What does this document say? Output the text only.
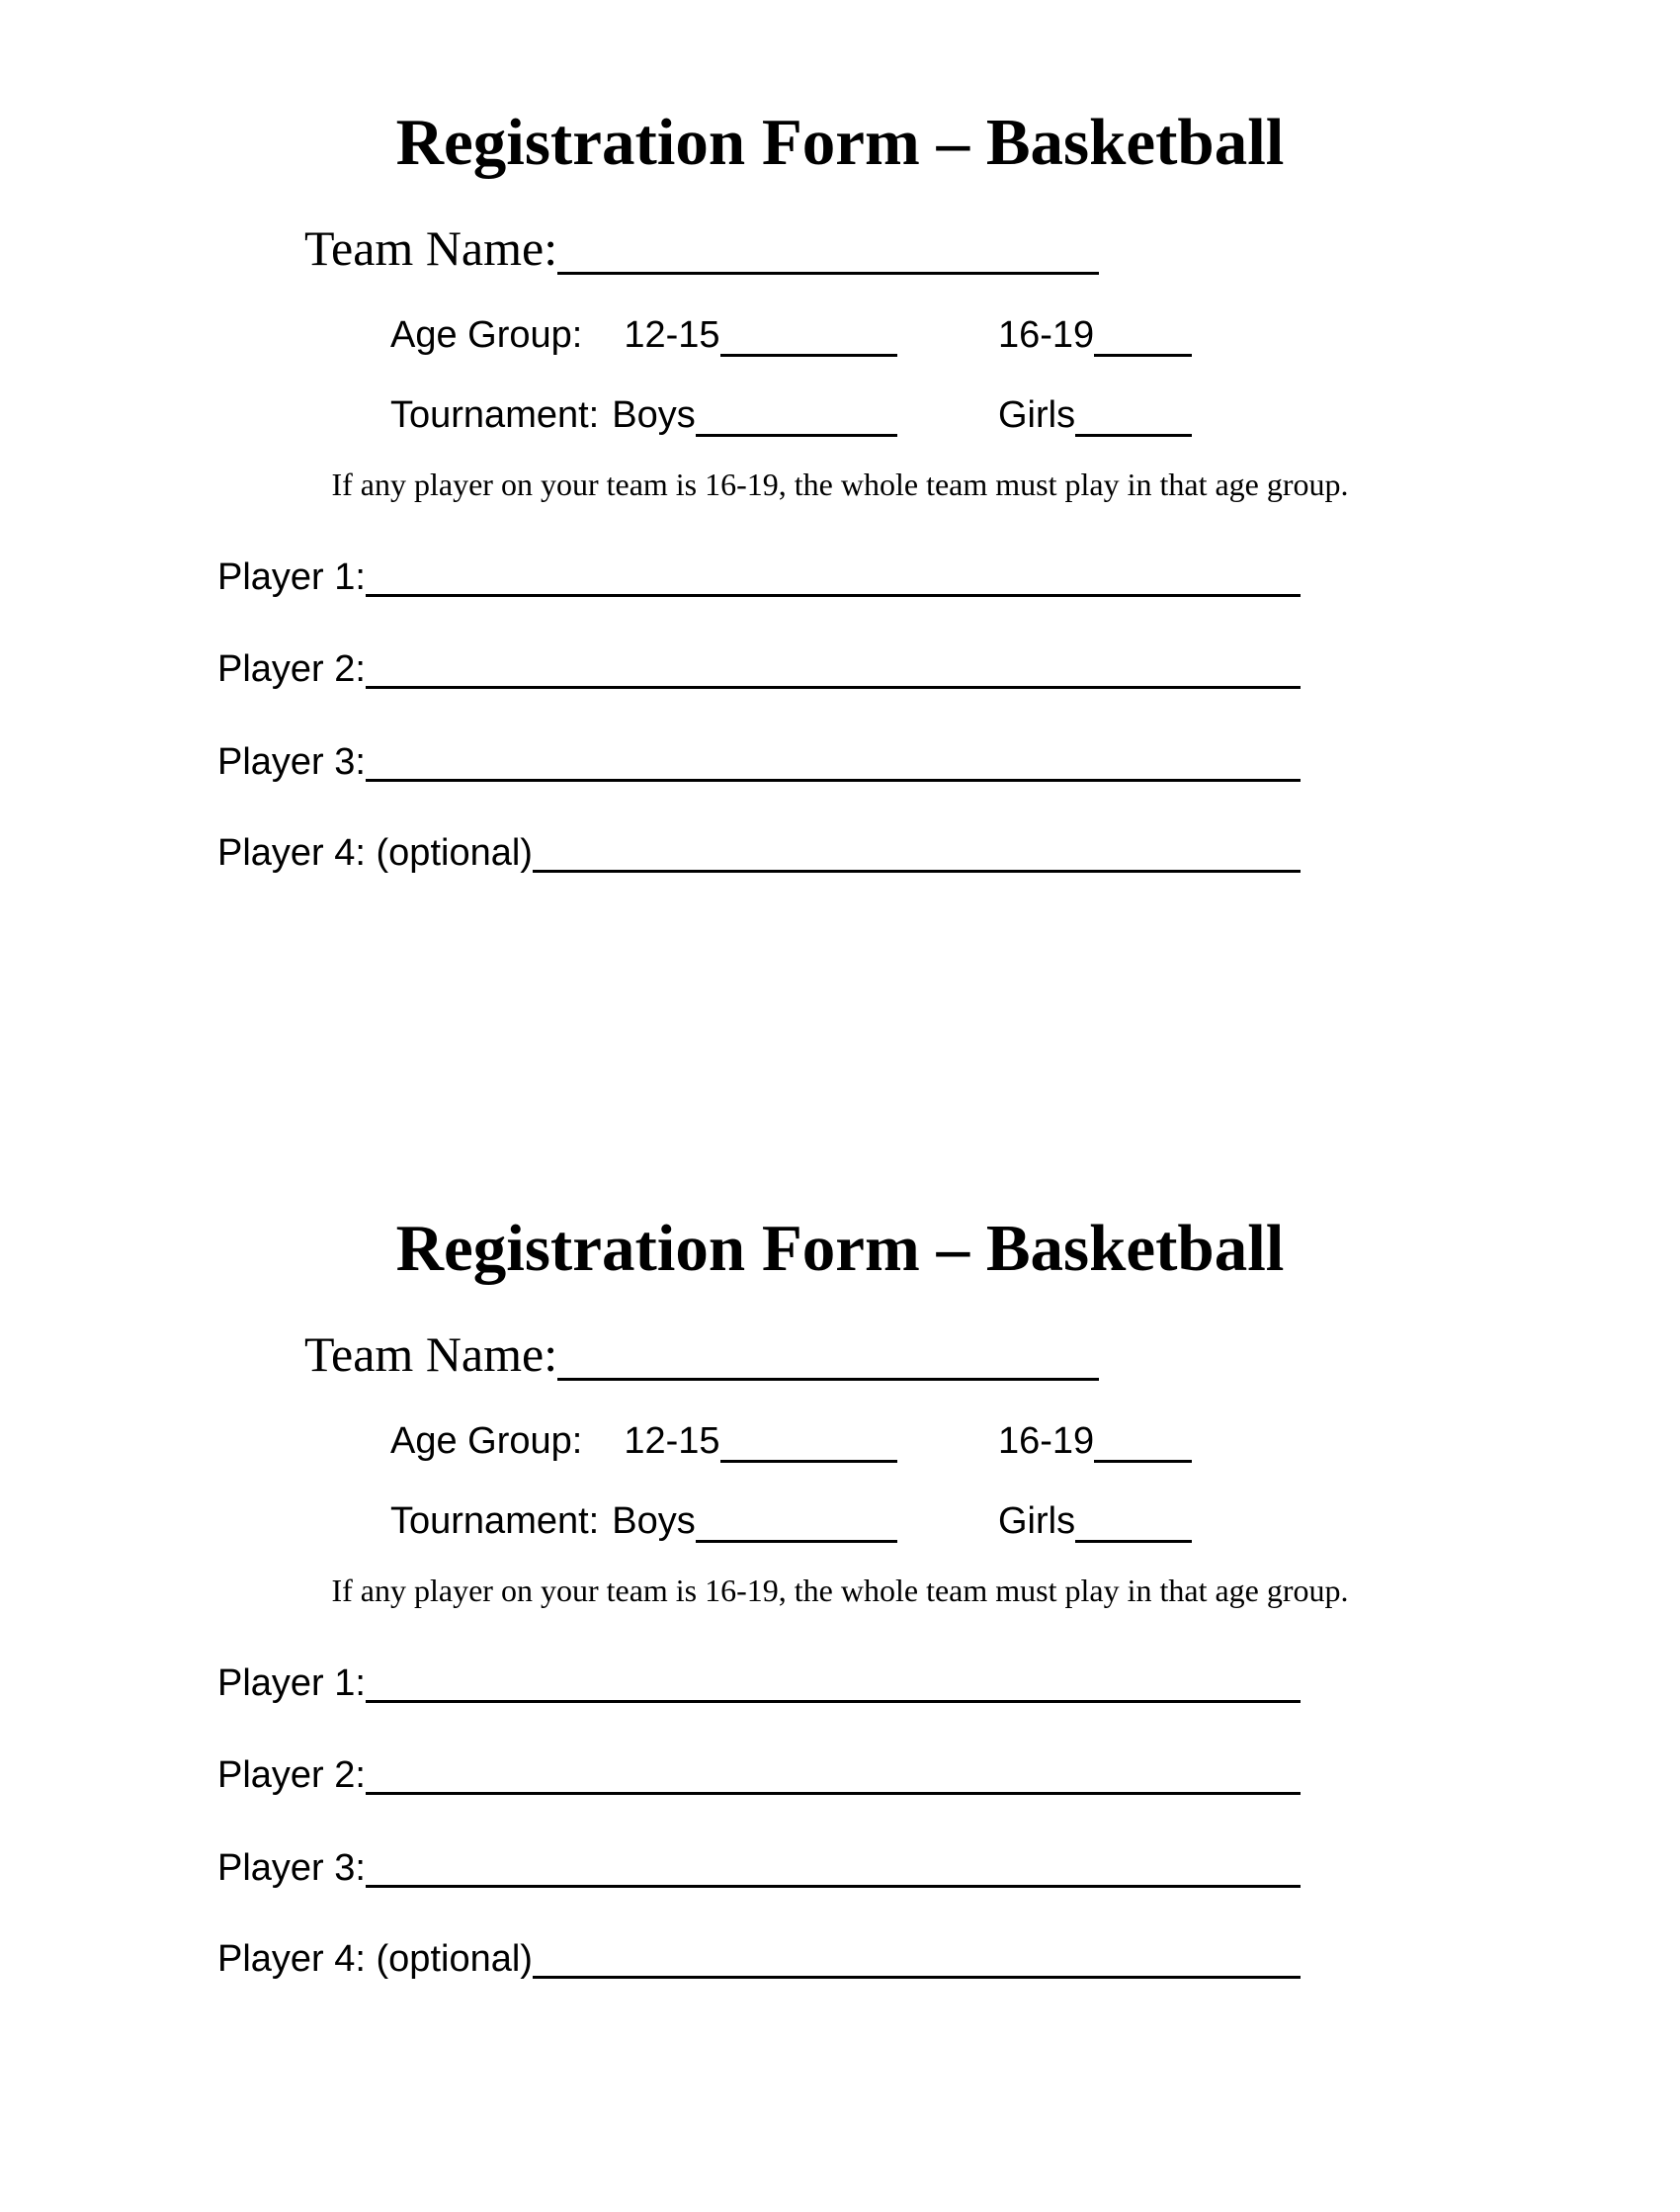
Registration Form – Basketball
Team Name:
Age Group: 12-15	16-19
Tournament: Boys	Girls

If any player on your team is 16-19, the whole team must play in that age group.

Player 1:
Player 2:
Player 3:
Player 4: (optional)
Registration Form – Basketball
Team Name:
Age Group: 12-15	16-19
Tournament: Boys	Girls

If any player on your team is 16-19, the whole team must play in that age group.

Player 1:
Player 2:
Player 3:
Player 4: (optional)
